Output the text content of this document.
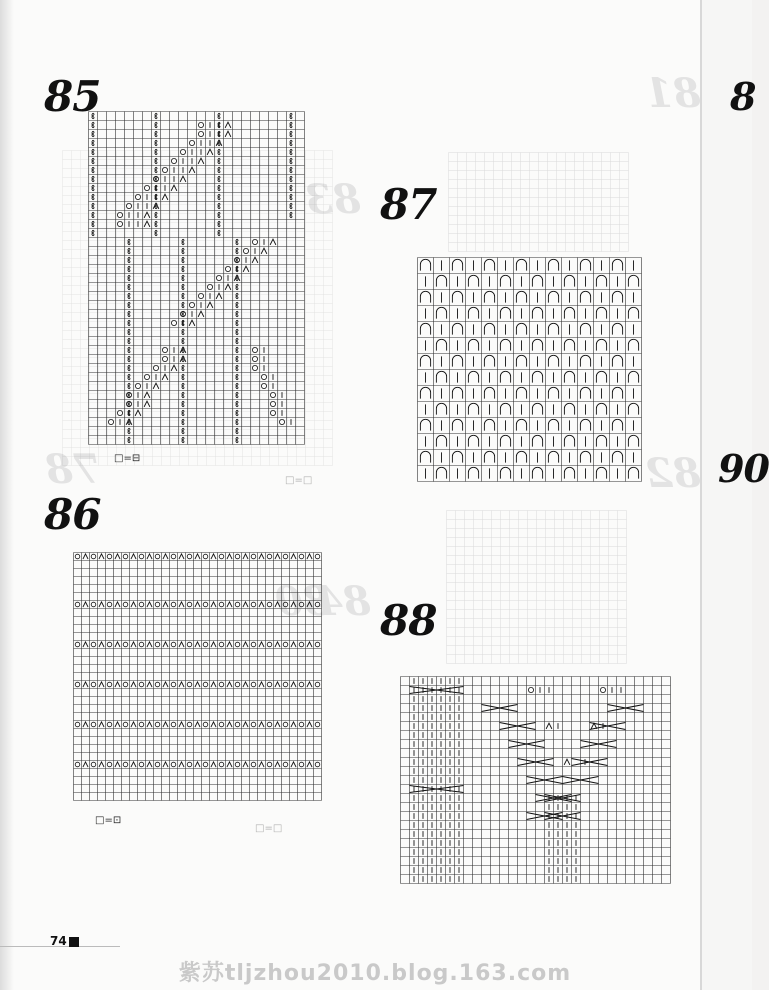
81
83
78	82
80
84
□=□
□=□
8
90
85
□=⊟
86
□=⊡
87
88
74
紫苏tljzhou2010.blog.163.com
